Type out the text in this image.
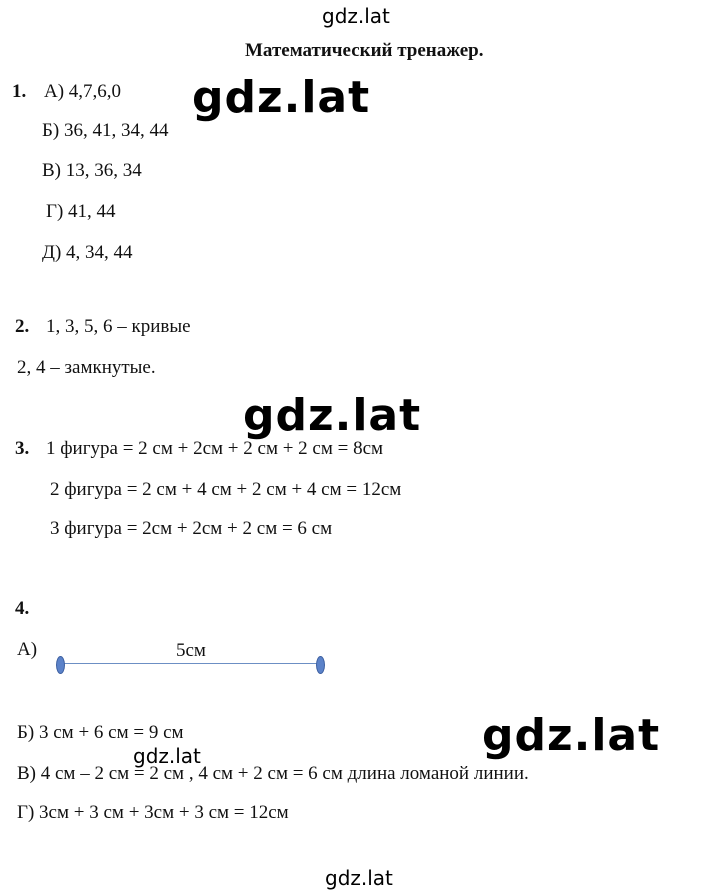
gdz.lat
gdz.lat
gdz.lat
gdz.lat
gdz.lat
gdz.lat
Математический тренажер.
1. А) 4,7,6,0
Б) 36, 41, 34, 44
В) 13, 36, 34
Г) 41, 44
Д) 4, 34, 44
2. 1, 3, 5, 6 – кривые
2, 4 – замкнутые.
3. 1 фигура = 2 см + 2см + 2 см + 2 см = 8см
2 фигура = 2 см + 4 см + 2 см + 4 см = 12см
3 фигура = 2см + 2см + 2 см = 6 см
4.
А)	5см
Б) 3 см + 6 см = 9 см
В) 4 см – 2 см = 2 см , 4 см + 2 см = 6 см длина ломаной линии.
Г) 3см + 3 см + 3см + 3 см = 12см
